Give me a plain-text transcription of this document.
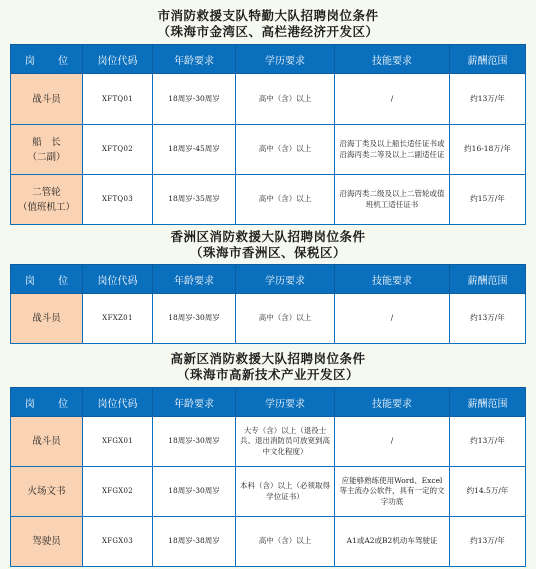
市消防救援支队特勤大队招聘岗位条件
（珠海市金湾区、高栏港经济开发区）
岗 位	岗位代码	年龄要求	学历要求	技能要求	薪酬范围
战斗员	XFTQ01	18周岁-30周岁	高中（含）以上	/	约13万/年
船　长
（二副）	XFTQ02	18周岁-45周岁	高中（含）以上	沿海丁类及以上船长适任证书或沿海丙类二等及以上二副适任证	约16-18万/年
二管轮
（值班机工）	XFTQ03	18周岁-35周岁	高中（含）以上	沿海丙类二级及以上二管轮或值班机工适任证书	约15万/年
香洲区消防救援大队招聘岗位条件
（珠海市香洲区、保税区）
岗 位	岗位代码	年龄要求	学历要求	技能要求	薪酬范围
战斗员	XFXZ01	18周岁-30周岁	高中（含）以上	/	约13万/年
高新区消防救援大队招聘岗位条件
（珠海市高新技术产业开发区）
岗 位	岗位代码	年龄要求	学历要求	技能要求	薪酬范围
战斗员	XFGX01	18周岁-30周岁	大专（含）以上（退役士兵、退出消防员可放宽到高中文化程度）	/	约13万/年
火场文书	XFGX02	18周岁-30周岁	本科（含）以上（必须取得学位证书）	应能够熟练使用Word、Excel等主流办公软件，具有一定的文字功底	约14.5万/年
驾驶员	XFGX03	18周岁-38周岁	高中（含）以上	A1或A2或B2机动车驾驶证	约13万/年
